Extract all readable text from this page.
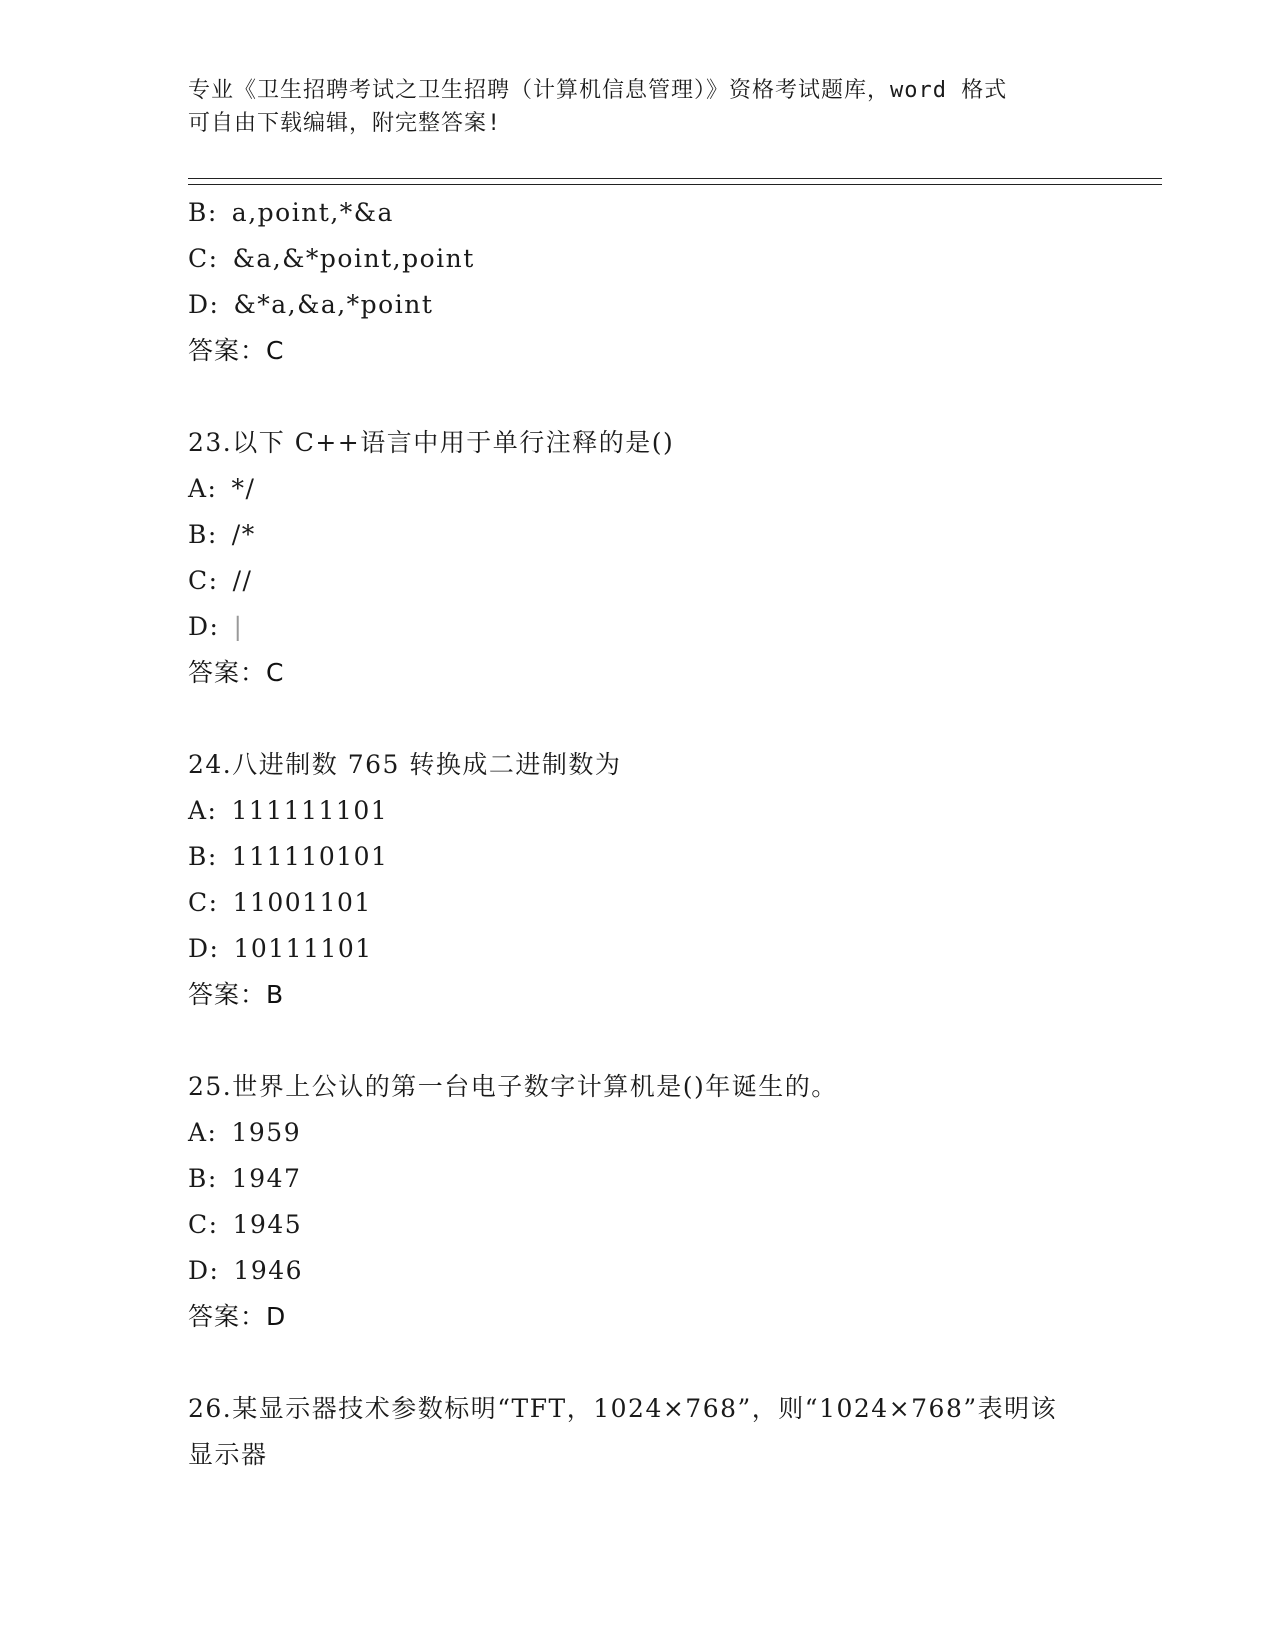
专业《卫生招聘考试之卫生招聘（计算机信息管理）》资格考试题库，word 格式
可自由下载编辑，附完整答案!
B: a,point,*&a
C: &a,&*point,point
D: &*a,&a,*point
答案：C
23.以下 C++语言中用于单行注释的是()
A: */
B: /*
C: //
D: |
答案：C
24.八进制数 765 转换成二进制数为
A: 111111101
B: 111110101
C: 11001101
D: 10111101
答案：B
25.世界上公认的第一台电子数字计算机是()年诞生的。
A: 1959
B: 1947
C: 1945
D: 1946
答案：D
26.某显示器技术参数标明“TFT，1024×768”，则“1024×768”表明该显示器
